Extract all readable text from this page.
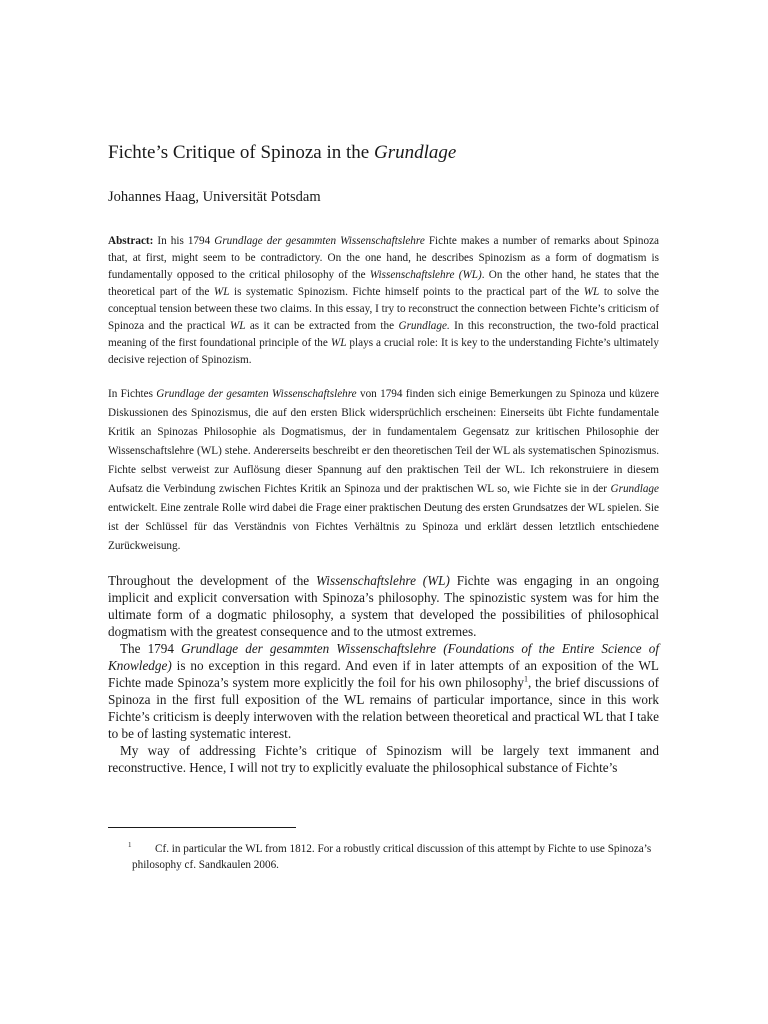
Fichte’s Critique of Spinoza in the Grundlage

Johannes Haag, Universität Potsdam

Abstract: In his 1794 Grundlage der gesammten Wissenschaftslehre Fichte makes a number of remarks about Spinoza that, at first, might seem to be contradictory. On the one hand, he describes Spinozism as a form of dogmatism is fundamentally opposed to the critical philosophy of the Wissenschaftslehre (WL). On the other hand, he states that the theoretical part of the WL is systematic Spinozism. Fichte himself points to the practical part of the WL to solve the conceptual tension between these two claims. In this essay, I try to reconstruct the connection between Fichte’s criticism of Spinoza and the practical WL as it can be extracted from the Grundlage. In this reconstruction, the two-fold practical meaning of the first foundational principle of the WL plays a crucial role: It is key to the understanding Fichte’s ultimately decisive rejection of Spinozism.

In Fichtes Grundlage der gesamten Wissenschaftslehre von 1794 finden sich einige Bemerkungen zu Spinoza und küzere Diskussionen des Spinozismus, die auf den ersten Blick widersprüchlich erscheinen: Einerseits übt Fichte fundamentale Kritik an Spinozas Philosophie als Dogmatismus, der in fundamentalem Gegensatz zur kritischen Philosophie der Wissenschaftslehre (WL) stehe. Andererseits beschreibt er den theoretischen Teil der WL als systematischen Spinozismus. Fichte selbst verweist zur Auflösung dieser Spannung auf den praktischen Teil der WL. Ich rekonstruiere in diesem Aufsatz die Verbindung zwischen Fichtes Kritik an Spinoza und der praktischen WL so, wie Fichte sie in der Grundlage entwickelt. Eine zentrale Rolle wird dabei die Frage einer praktischen Deutung des ersten Grundsatzes der WL spielen. Sie ist der Schlüssel für das Verständnis von Fichtes Verhältnis zu Spinoza und erklärt dessen letztlich entschiedene Zurückweisung.

Throughout the development of the Wissenschaftslehre (WL) Fichte was engaging in an ongoing implicit and explicit conversation with Spinoza’s philosophy. The spinozistic system was for him the ultimate form of a dogmatic philosophy, a system that developed the possibilities of philosophical dogmatism with the greatest consequence and to the utmost extremes.

The 1794 Grundlage der gesammten Wissenschaftslehre (Foundations of the Entire Science of Knowledge) is no exception in this regard. And even if in later attempts of an exposition of the WL Fichte made Spinoza’s system more explicitly the foil for his own philosophy$^1$, the brief discussions of Spinoza in the first full exposition of the WL remains of particular importance, since in this work Fichte’s criticism is deeply interwoven with the relation between theoretical and practical WL that I take to be of lasting systematic interest.

My way of addressing Fichte’s critique of Spinozism will be largely text immanent and reconstructive. Hence, I will not try to explicitly evaluate the philosophical substance of Fichte’s

1 Cf. in particular the WL from 1812. For a robustly critical discussion of this attempt by Fichte to use Spinoza’s philosophy cf. Sandkaulen 2006.
